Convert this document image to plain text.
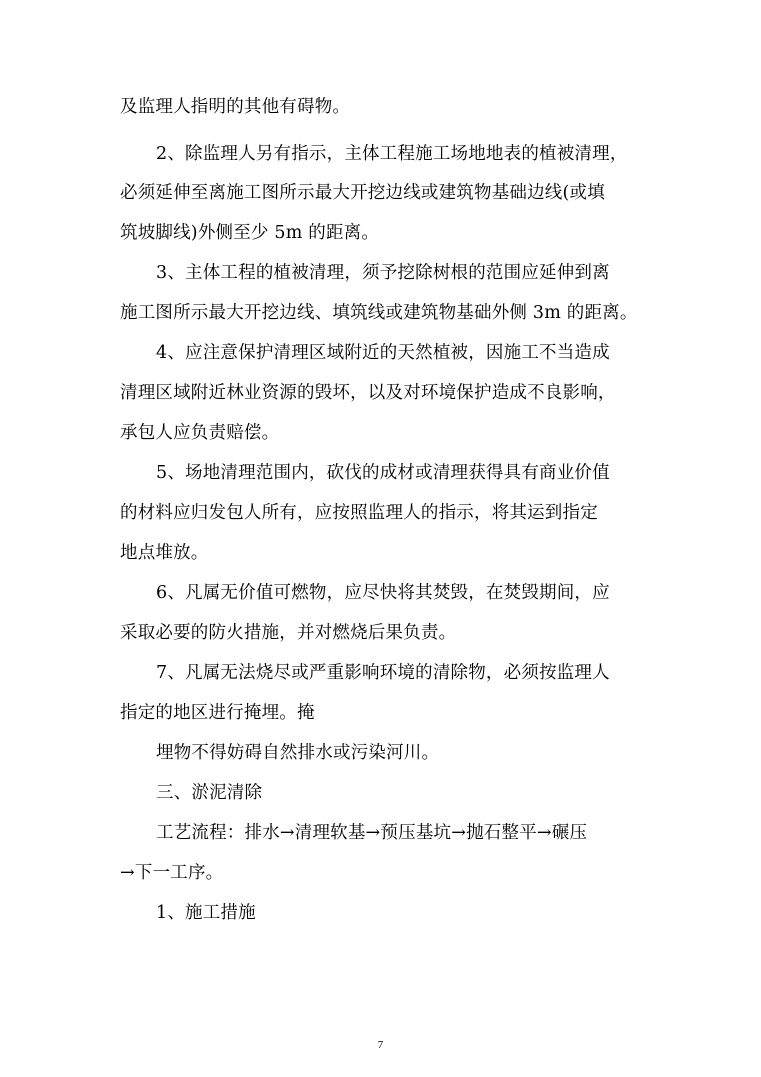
及监理人指明的其他有碍物。
2、除监理人另有指示，主体工程施工场地地表的植被清理，
必须延伸至离施工图所示最大开挖边线或建筑物基础边线(或填
筑坡脚线)外侧至少 5m 的距离。
3、主体工程的植被清理，须予挖除树根的范围应延伸到离
施工图所示最大开挖边线、填筑线或建筑物基础外侧 3m 的距离。
4、应注意保护清理区域附近的天然植被，因施工不当造成
清理区域附近林业资源的毁坏，以及对环境保护造成不良影响，
承包人应负责赔偿。
5、场地清理范围内，砍伐的成材或清理获得具有商业价值
的材料应归发包人所有，应按照监理人的指示，将其运到指定
地点堆放。
6、凡属无价值可燃物，应尽快将其焚毁，在焚毁期间，应
采取必要的防火措施，并对燃烧后果负责。
7、凡属无法烧尽或严重影响环境的清除物，必须按监理人
指定的地区进行掩埋。掩
埋物不得妨碍自然排水或污染河川。
三、淤泥清除
工艺流程：排水→清理软基→预压基坑→抛石整平→碾压
→下一工序。
1、施工措施
7
